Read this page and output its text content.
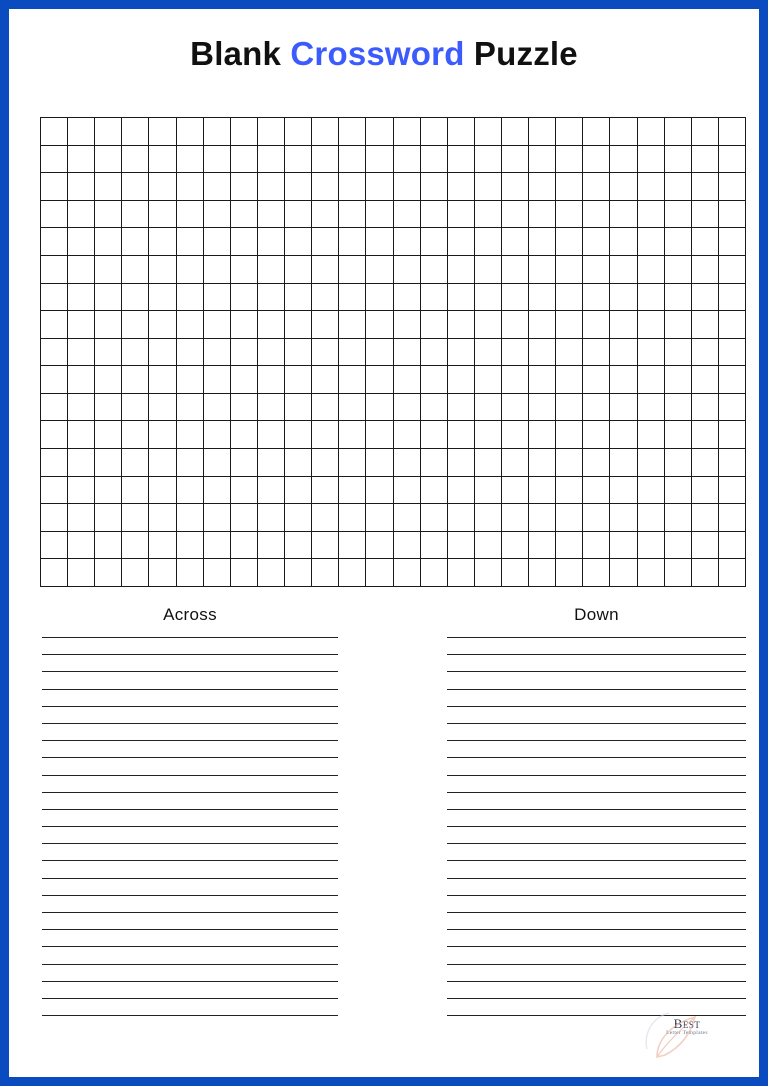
Blank Crossword Puzzle
Across	Down
Best
Letter Templates
